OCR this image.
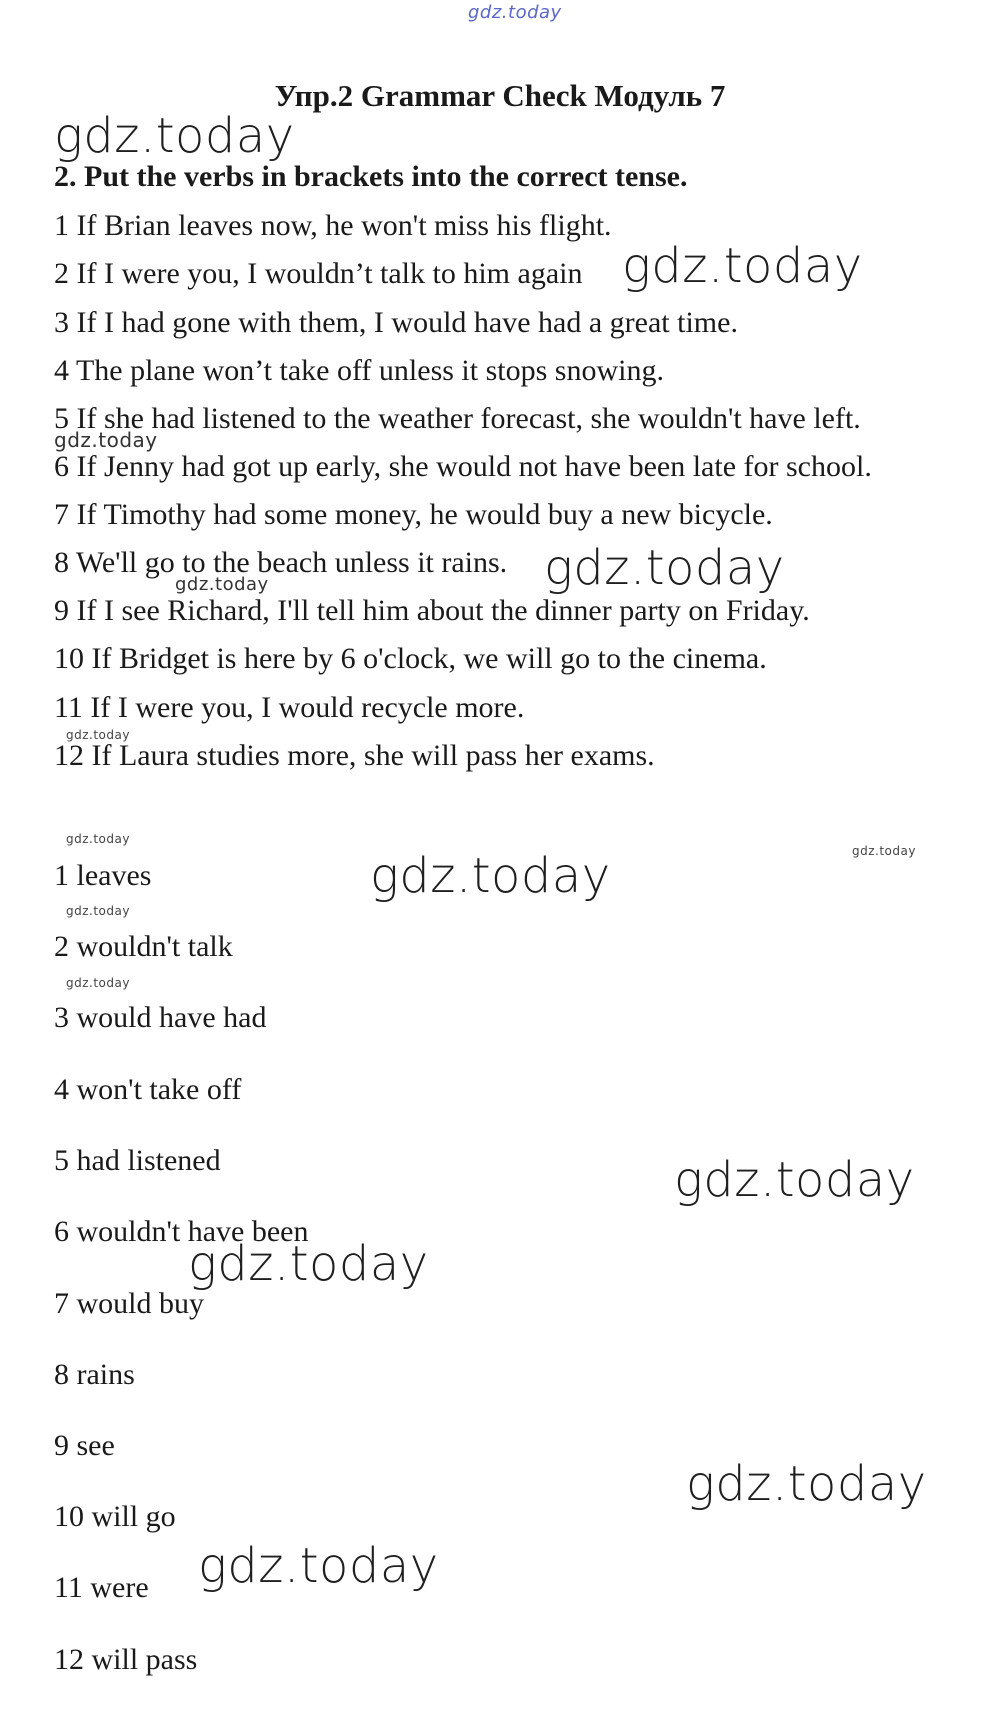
gdz.today
Упр.2 Grammar Check Модуль 7
2. Put the verbs in brackets into the correct tense.
1 If Brian leaves now, he won't miss his flight.
2 If I were you, I wouldn’t talk to him again
3 If I had gone with them, I would have had a great time.
4 The plane won’t take off unless it stops snowing.
5 If she had listened to the weather forecast, she wouldn't have left.
6 If Jenny had got up early, she would not have been late for school.
7 If Timothy had some money, he would buy a new bicycle.
8 We'll go to the beach unless it rains.
9 If I see Richard, I'll tell him about the dinner party on Friday.
10 If Bridget is here by 6 o'clock, we will go to the cinema.
11 If I were you, I would recycle more.
12 If Laura studies more, she will pass her exams.
1 leaves
2 wouldn't talk
3 would have had
4 won't take off
5 had listened
6 wouldn't have been
7 would buy
8 rains
9 see
10 will go
11 were
12 will pass
gdz.today
gdz.today
gdz.today
gdz.today
gdz.today
gdz.today
gdz.today
gdz.today
gdz.today
gdz.today
gdz.today
gdz.today
gdz.today
gdz.today
gdz.today
